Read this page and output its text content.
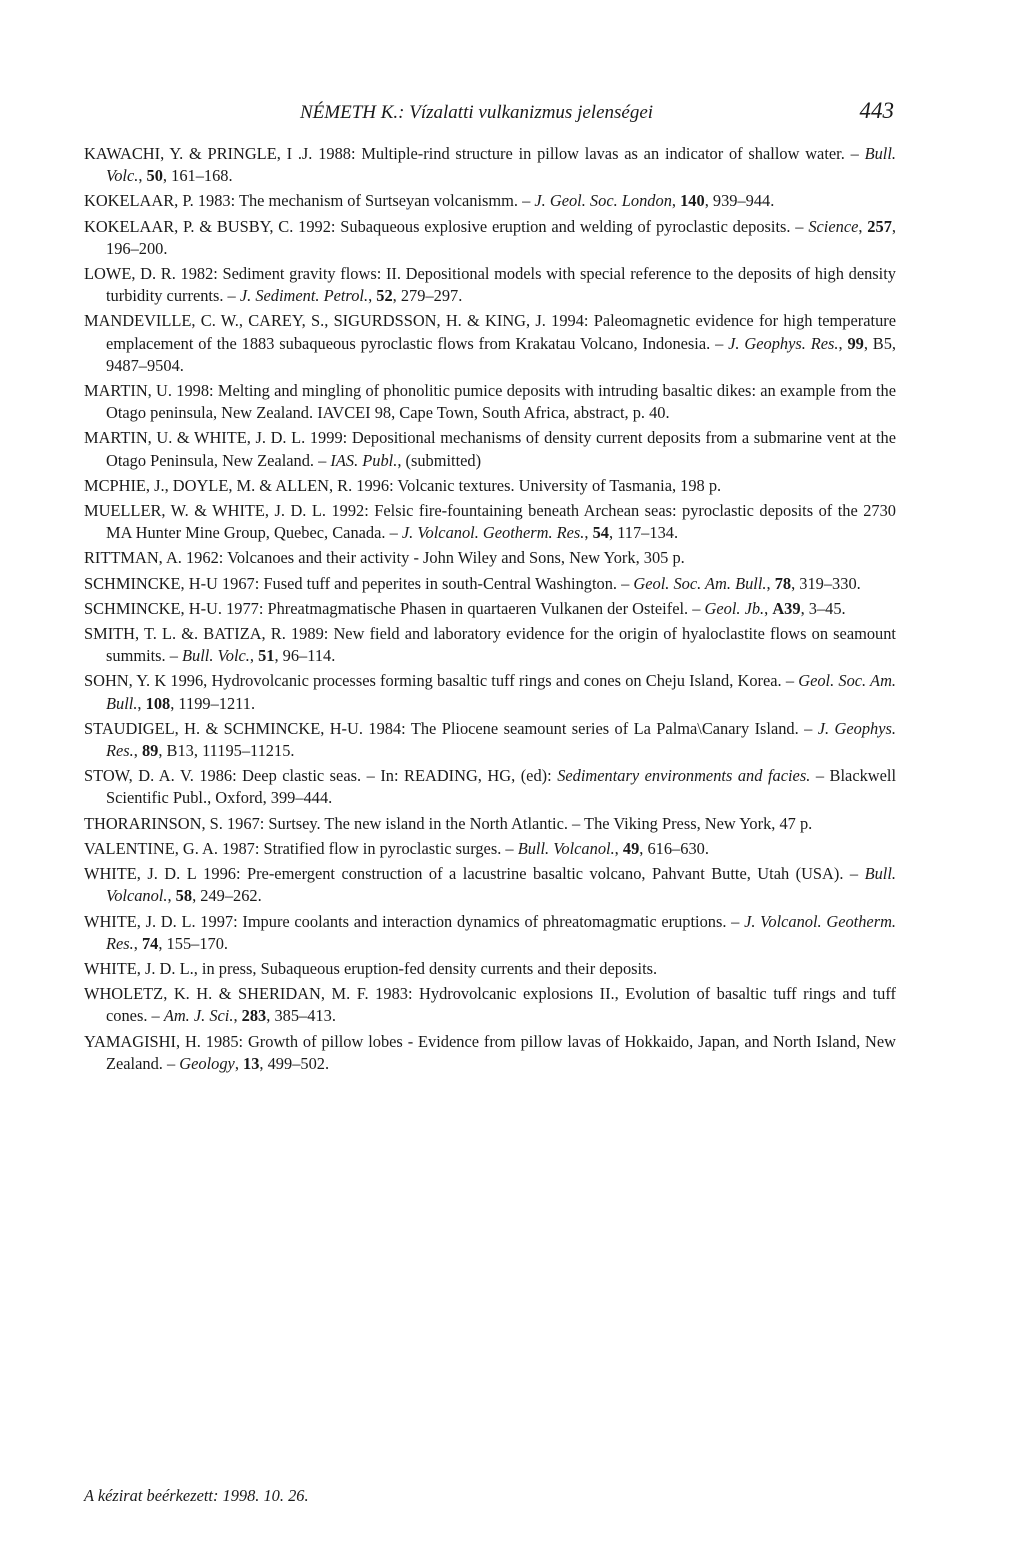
NÉMETH K.: Vízalatti vulkanizmus jelenségei	443
KAWACHI, Y. & PRINGLE, I .J. 1988: Multiple-rind structure in pillow lavas as an indicator of shallow water. – Bull. Volc., 50, 161–168.
KOKELAAR, P. 1983: The mechanism of Surtseyan volcanismm. – J. Geol. Soc. London, 140, 939–944.
KOKELAAR, P. & BUSBY, C. 1992: Subaqueous explosive eruption and welding of pyroclastic deposits. – Science, 257, 196–200.
LOWE, D. R. 1982: Sediment gravity flows: II. Depositional models with special reference to the deposits of high density turbidity currents. – J. Sediment. Petrol., 52, 279–297.
MANDEVILLE, C. W., CAREY, S., SIGURDSSON, H. & KING, J. 1994: Paleomagnetic evidence for high temperature emplacement of the 1883 subaqueous pyroclastic flows from Krakatau Volcano, Indonesia. – J. Geophys. Res., 99, B5, 9487–9504.
MARTIN, U. 1998: Melting and mingling of phonolitic pumice deposits with intruding basaltic dikes: an example from the Otago peninsula, New Zealand. IAVCEI 98, Cape Town, South Africa, abstract, p. 40.
MARTIN, U. & WHITE, J. D. L. 1999: Depositional mechanisms of density current deposits from a submarine vent at the Otago Peninsula, New Zealand. – IAS. Publ., (submitted)
MCPHIE, J., DOYLE, M. & ALLEN, R. 1996: Volcanic textures. University of Tasmania, 198 p.
MUELLER, W. & WHITE, J. D. L. 1992: Felsic fire-fountaining beneath Archean seas: pyroclastic deposits of the 2730 MA Hunter Mine Group, Quebec, Canada. – J. Volcanol. Geotherm. Res., 54, 117–134.
RITTMAN, A. 1962: Volcanoes and their activity - John Wiley and Sons, New York, 305 p.
SCHMINCKE, H-U 1967: Fused tuff and peperites in south-Central Washington. – Geol. Soc. Am. Bull., 78, 319–330.
SCHMINCKE, H-U. 1977: Phreatmagmatische Phasen in quartaeren Vulkanen der Osteifel. – Geol. Jb., A39, 3–45.
SMITH, T. L. &. BATIZA, R. 1989: New field and laboratory evidence for the origin of hyaloclastite flows on seamount summits. – Bull. Volc., 51, 96–114.
SOHN, Y. K 1996, Hydrovolcanic processes forming basaltic tuff rings and cones on Cheju Island, Korea. – Geol. Soc. Am. Bull., 108, 1199–1211.
STAUDIGEL, H. & SCHMINCKE, H-U. 1984: The Pliocene seamount series of La Palma\Canary Island. – J. Geophys. Res., 89, B13, 11195–11215.
STOW, D. A. V. 1986: Deep clastic seas. – In: READING, HG, (ed): Sedimentary environments and facies. – Blackwell Scientific Publ., Oxford, 399–444.
THORARINSON, S. 1967: Surtsey. The new island in the North Atlantic. – The Viking Press, New York, 47 p.
VALENTINE, G. A. 1987: Stratified flow in pyroclastic surges. – Bull. Volcanol., 49, 616–630.
WHITE, J. D. L 1996: Pre-emergent construction of a lacustrine basaltic volcano, Pahvant Butte, Utah (USA). – Bull. Volcanol., 58, 249–262.
WHITE, J. D. L. 1997: Impure coolants and interaction dynamics of phreatomagmatic eruptions. – J. Volcanol. Geotherm. Res., 74, 155–170.
WHITE, J. D. L., in press, Subaqueous eruption-fed density currents and their deposits.
WHOLETZ, K. H. & SHERIDAN, M. F. 1983: Hydrovolcanic explosions II., Evolution of basaltic tuff rings and tuff cones. – Am. J. Sci., 283, 385–413.
YAMAGISHI, H. 1985: Growth of pillow lobes - Evidence from pillow lavas of Hokkaido, Japan, and North Island, New Zealand. – Geology, 13, 499–502.
A kézirat beérkezett: 1998. 10. 26.
